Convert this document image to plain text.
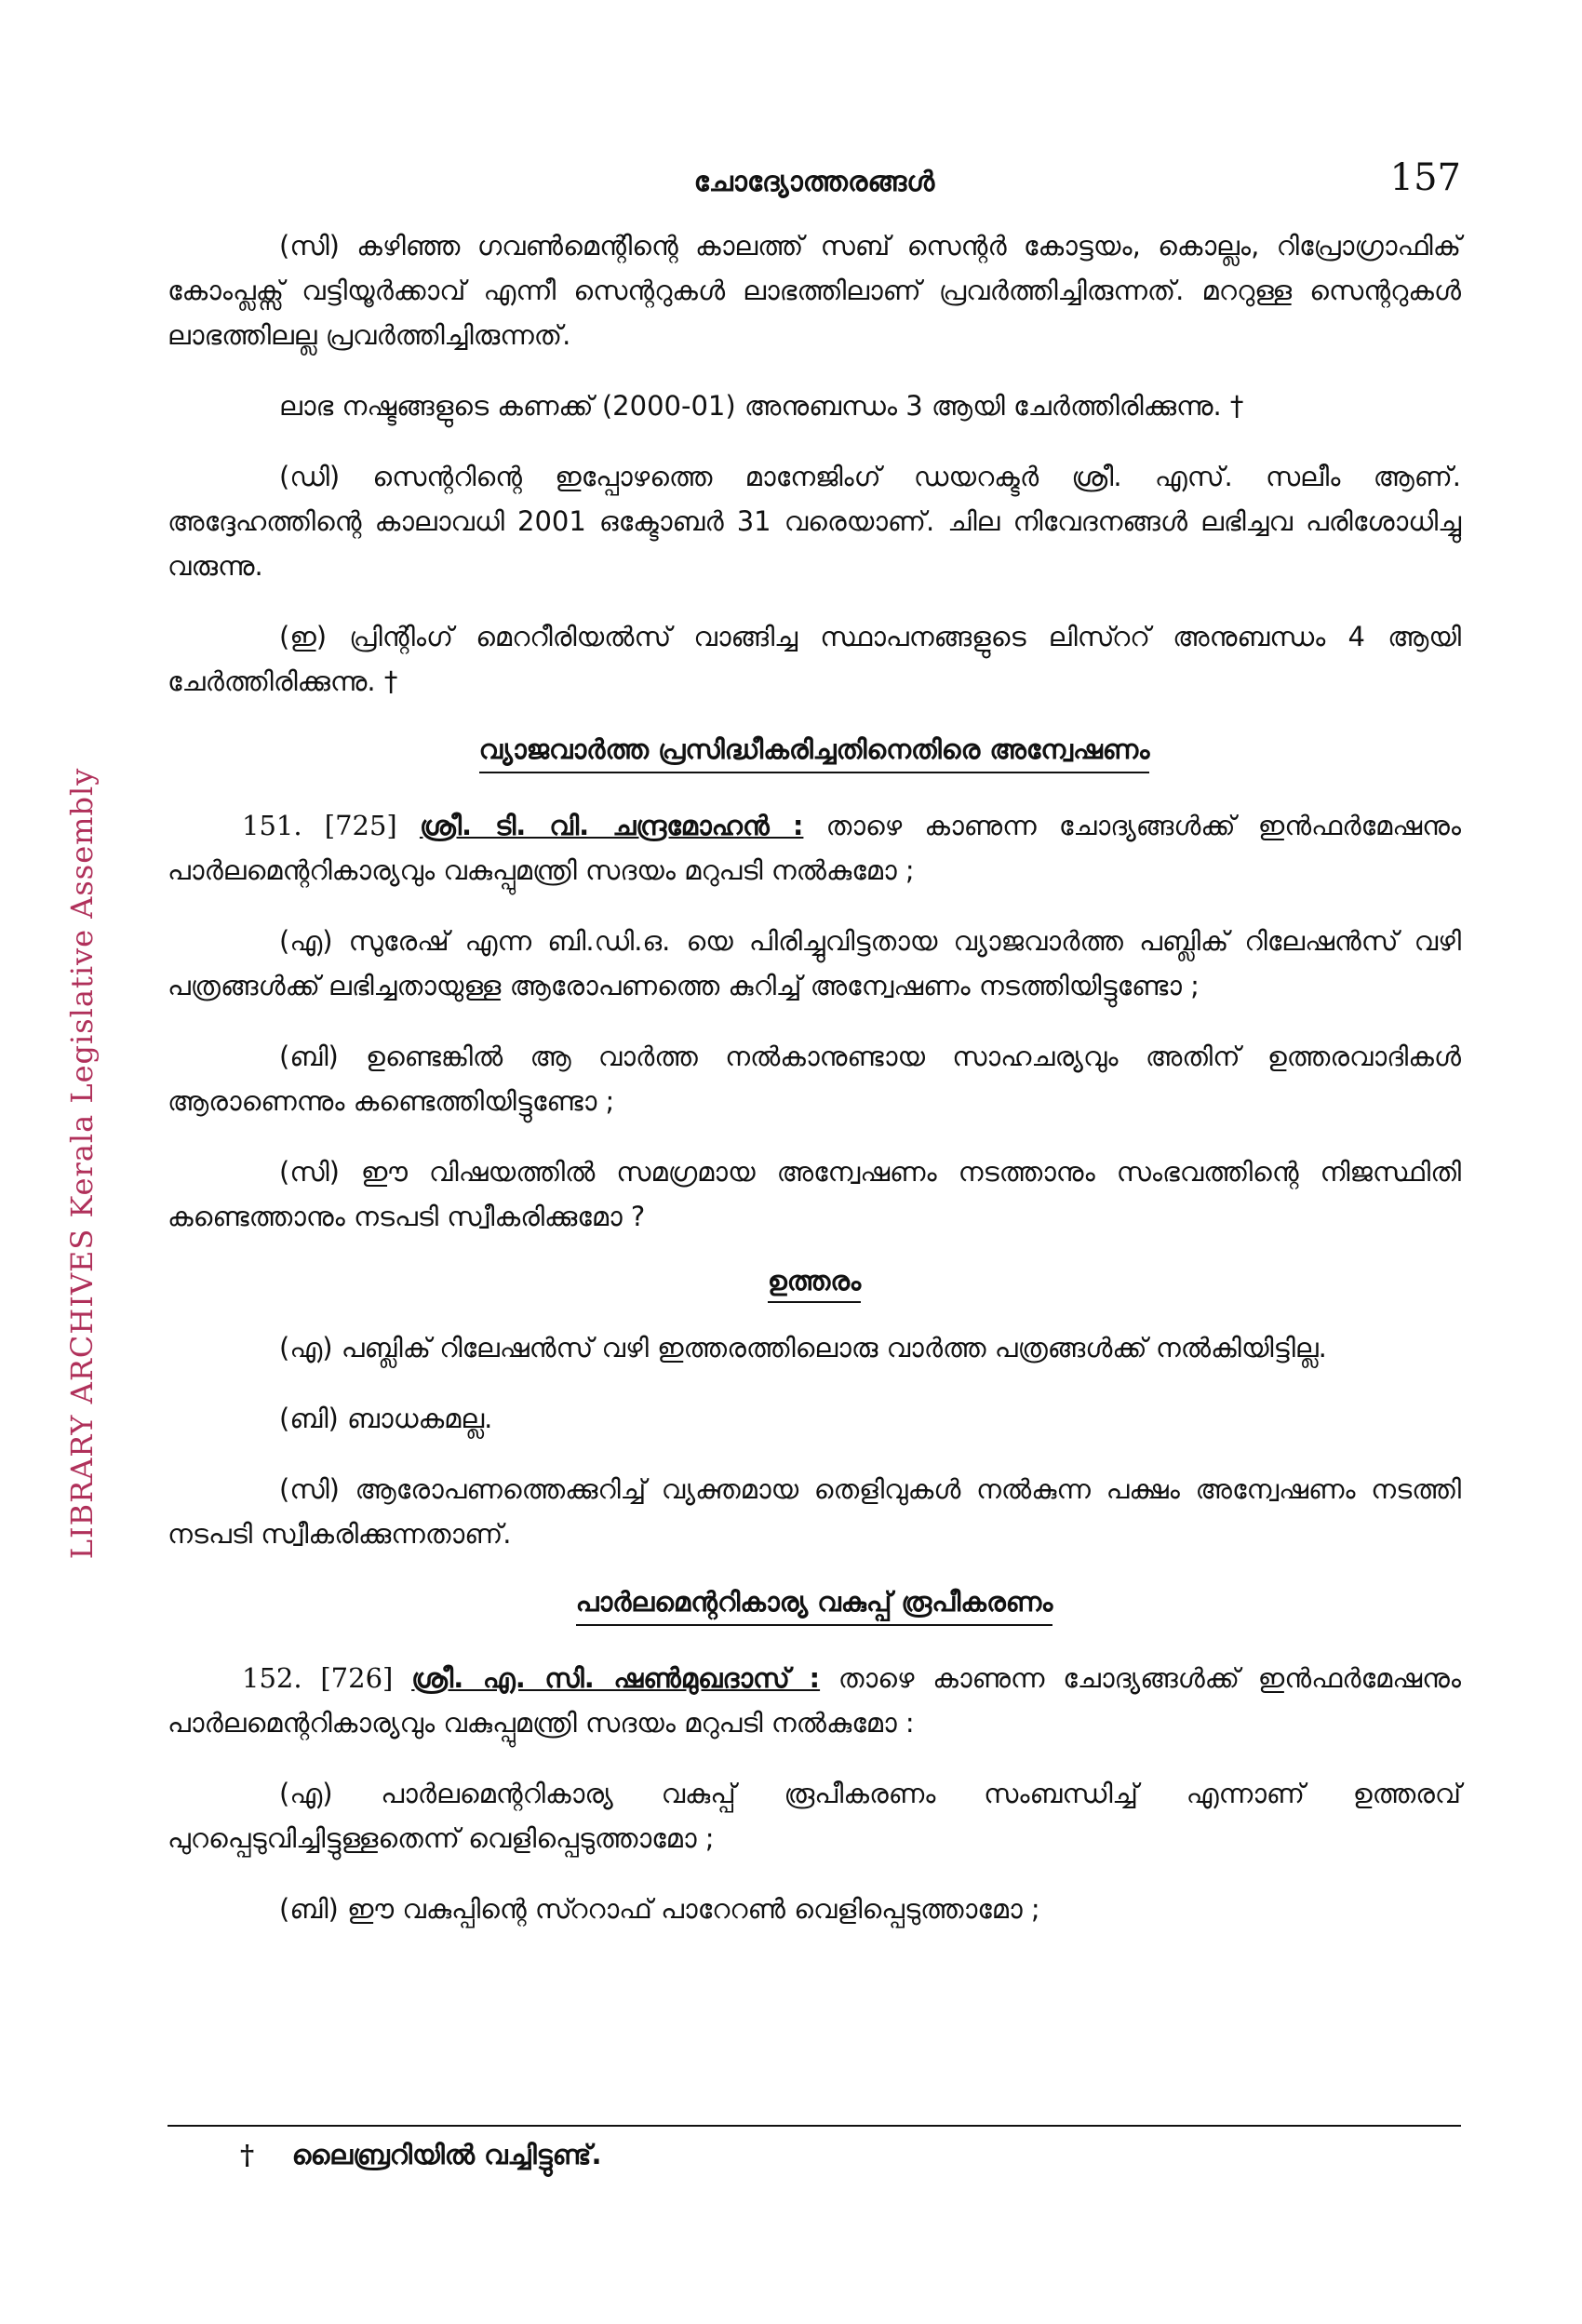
LIBRARY ARCHIVES Kerala Legislative Assembly
ചോദ്യോത്തരങ്ങൾ	157

(സി) കഴിഞ്ഞ ഗവൺമെന്റിന്റെ കാലത്ത് സബ് സെന്റർ കോട്ടയം, കൊല്ലം, റിപ്രോഗ്രാഫിക് കോംപ്ലക്സ് വട്ടിയൂർക്കാവ് എന്നീ സെന്ററുകൾ ലാഭത്തിലാണ് പ്രവർത്തിച്ചിരുന്നത്. മററുള്ള സെന്ററുകൾ ലാഭത്തിലല്ല പ്രവർത്തിച്ചിരുന്നത്.

ലാഭ നഷ്ടങ്ങളുടെ കണക്ക് (2000-01) അനുബന്ധം 3 ആയി ചേർത്തിരിക്കുന്നു. †

(ഡി) സെന്ററിന്റെ ഇപ്പോഴത്തെ മാനേജിംഗ് ഡയറക്ടർ ശ്രീ. എസ്. സലീം ആണ്. അദ്ദേഹത്തിന്റെ കാലാവധി 2001 ഒക്ടോബർ 31 വരെയാണ്. ചില നിവേദനങ്ങൾ ലഭിച്ചവ പരിശോധിച്ചു വരുന്നു.

(ഇ) പ്രിന്റിംഗ് മെററീരിയൽസ് വാങ്ങിച്ച സ്ഥാപനങ്ങളുടെ ലിസ്ററ് അനുബന്ധം 4 ആയി ചേർത്തിരിക്കുന്നു. †

വ്യാജവാർത്ത പ്രസിദ്ധീകരിച്ചതിനെതിരെ അന്വേഷണം

151. [725] ശ്രീ. ടി. വി. ചന്ദ്രമോഹൻ : താഴെ കാണുന്ന ചോദ്യങ്ങൾക്ക് ഇൻഫർമേഷനും പാർലമെന്ററികാര്യവും വകുപ്പുമന്ത്രി സദയം മറുപടി നൽകുമോ ;

(എ) സുരേഷ് എന്ന ബി.ഡി.ഒ. യെ പിരിച്ചുവിട്ടതായ വ്യാജവാർത്ത പബ്ലിക് റിലേഷൻസ് വഴി പത്രങ്ങൾക്ക് ലഭിച്ചതായുള്ള ആരോപണത്തെ കുറിച്ച് അന്വേഷണം നടത്തിയിട്ടുണ്ടോ ;

(ബി) ഉണ്ടെങ്കിൽ ആ വാർത്ത നൽകാനുണ്ടായ സാഹചര്യവും അതിന് ഉത്തരവാദികൾ ആരാണെന്നും കണ്ടെത്തിയിട്ടുണ്ടോ ;

(സി) ഈ വിഷയത്തിൽ സമഗ്രമായ അന്വേഷണം നടത്താനും സംഭവത്തിന്റെ നിജസ്ഥിതി കണ്ടെത്താനും നടപടി സ്വീകരിക്കുമോ ?

ഉത്തരം

(എ) പബ്ലിക് റിലേഷൻസ് വഴി ഇത്തരത്തിലൊരു വാർത്ത പത്രങ്ങൾക്ക് നൽകിയിട്ടില്ല.

(ബി) ബാധകമല്ല.

(സി) ആരോപണത്തെക്കുറിച്ച് വ്യക്തമായ തെളിവുകൾ നൽകുന്ന പക്ഷം അന്വേഷണം നടത്തി നടപടി സ്വീകരിക്കുന്നതാണ്.

പാർലമെന്ററികാര്യ വകുപ്പ് രൂപീകരണം

152. [726] ശ്രീ. എ. സി. ഷൺമുഖദാസ് : താഴെ കാണുന്ന ചോദ്യങ്ങൾക്ക് ഇൻഫർമേഷനും പാർലമെന്ററികാര്യവും വകുപ്പുമന്ത്രി സദയം മറുപടി നൽകുമോ :

(എ) പാർലമെന്ററികാര്യ വകുപ്പ് രൂപീകരണം സംബന്ധിച്ച് എന്നാണ് ഉത്തരവ് പുറപ്പെടുവിച്ചിട്ടുള്ളതെന്ന് വെളിപ്പെടുത്താമോ ;

(ബി) ഈ വകുപ്പിന്റെ സ്ററാഫ് പാറേറൺ വെളിപ്പെടുത്താമോ ;

† ലൈബ്രറിയിൽ വച്ചിട്ടുണ്ട്.
